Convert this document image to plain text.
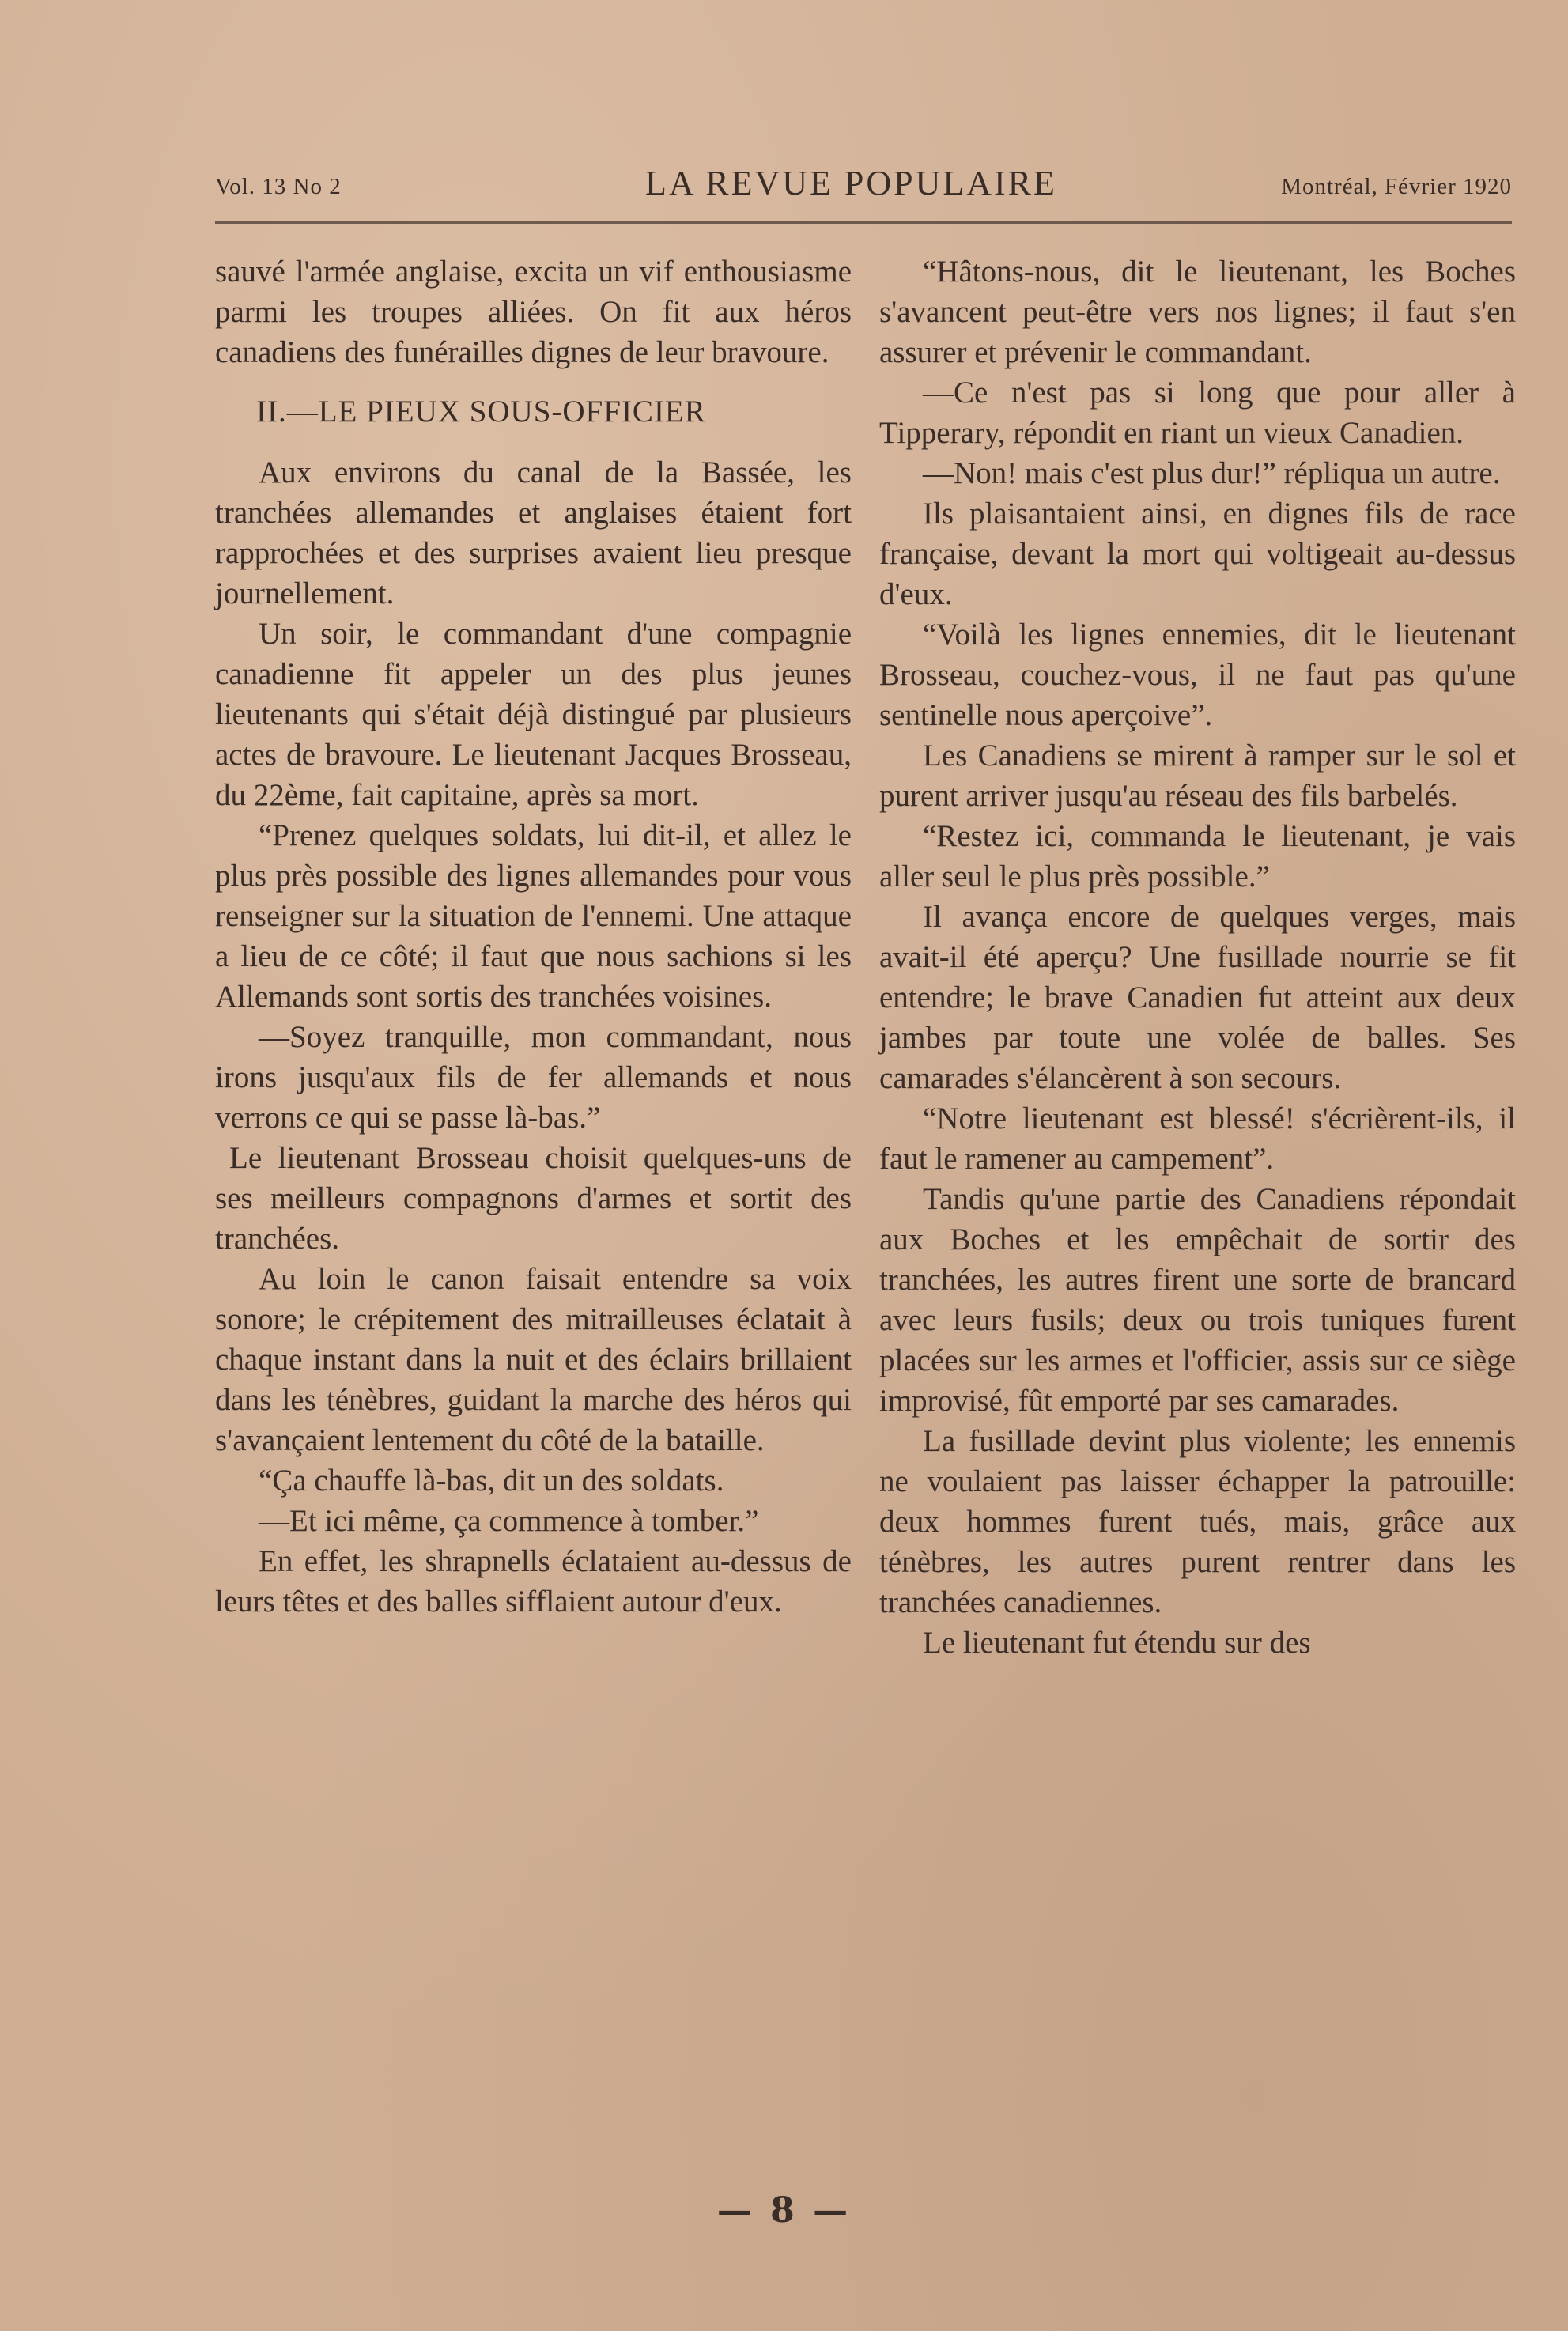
Vol. 13 No 2	LA REVUE POPULAIRE	Montréal, Février 1920

sauvé l'armée anglaise, excita un vif enthousiasme parmi les troupes alliées. On fit aux héros canadiens des funérailles dignes de leur bravoure.

II.—LE PIEUX SOUS-OFFICIER

Aux environs du canal de la Bassée, les tranchées allemandes et anglaises étaient fort rapprochées et des surprises avaient lieu presque journellement.

Un soir, le commandant d'une compagnie canadienne fit appeler un des plus jeunes lieutenants qui s'était déjà distingué par plusieurs actes de bravoure. Le lieutenant Jacques Brosseau, du 22ème, fait capitaine, après sa mort.

“Prenez quelques soldats, lui dit-il, et allez le plus près possible des lignes allemandes pour vous renseigner sur la situation de l'ennemi. Une attaque a lieu de ce côté; il faut que nous sachions si les Allemands sont sortis des tranchées voisines.

—Soyez tranquille, mon commandant, nous irons jusqu'aux fils de fer allemands et nous verrons ce qui se passe là-bas.”

Le lieutenant Brosseau choisit quelques-uns de ses meilleurs compagnons d'armes et sortit des tranchées.

Au loin le canon faisait entendre sa voix sonore; le crépitement des mitrailleuses éclatait à chaque instant dans la nuit et des éclairs brillaient dans les ténèbres, guidant la marche des héros qui s'avançaient lentement du côté de la bataille.

“Ça chauffe là-bas, dit un des soldats.

—Et ici même, ça commence à tomber.”

En effet, les shrapnells éclataient au-dessus de leurs têtes et des balles sifflaient autour d'eux.

“Hâtons-nous, dit le lieutenant, les Boches s'avancent peut-être vers nos lignes; il faut s'en assurer et prévenir le commandant.

—Ce n'est pas si long que pour aller à Tipperary, répondit en riant un vieux Canadien.

—Non! mais c'est plus dur!” répliqua un autre.

Ils plaisantaient ainsi, en dignes fils de race française, devant la mort qui voltigeait au-dessus d'eux.

“Voilà les lignes ennemies, dit le lieutenant Brosseau, couchez-vous, il ne faut pas qu'une sentinelle nous aperçoive”.

Les Canadiens se mirent à ramper sur le sol et purent arriver jusqu'au réseau des fils barbelés.

“Restez ici, commanda le lieutenant, je vais aller seul le plus près possible.”

Il avança encore de quelques verges, mais avait-il été aperçu? Une fusillade nourrie se fit entendre; le brave Canadien fut atteint aux deux jambes par toute une volée de balles. Ses camarades s'élancèrent à son secours.

“Notre lieutenant est blessé! s'écrièrent-ils, il faut le ramener au campement”.

Tandis qu'une partie des Canadiens répondait aux Boches et les empêchait de sortir des tranchées, les autres firent une sorte de brancard avec leurs fusils; deux ou trois tuniques furent placées sur les armes et l'officier, assis sur ce siège improvisé, fût emporté par ses camarades.

La fusillade devint plus violente; les ennemis ne voulaient pas laisser échapper la patrouille: deux hommes furent tués, mais, grâce aux ténèbres, les autres purent rentrer dans les tranchées canadiennes.

Le lieutenant fut étendu sur des

— 8 —
